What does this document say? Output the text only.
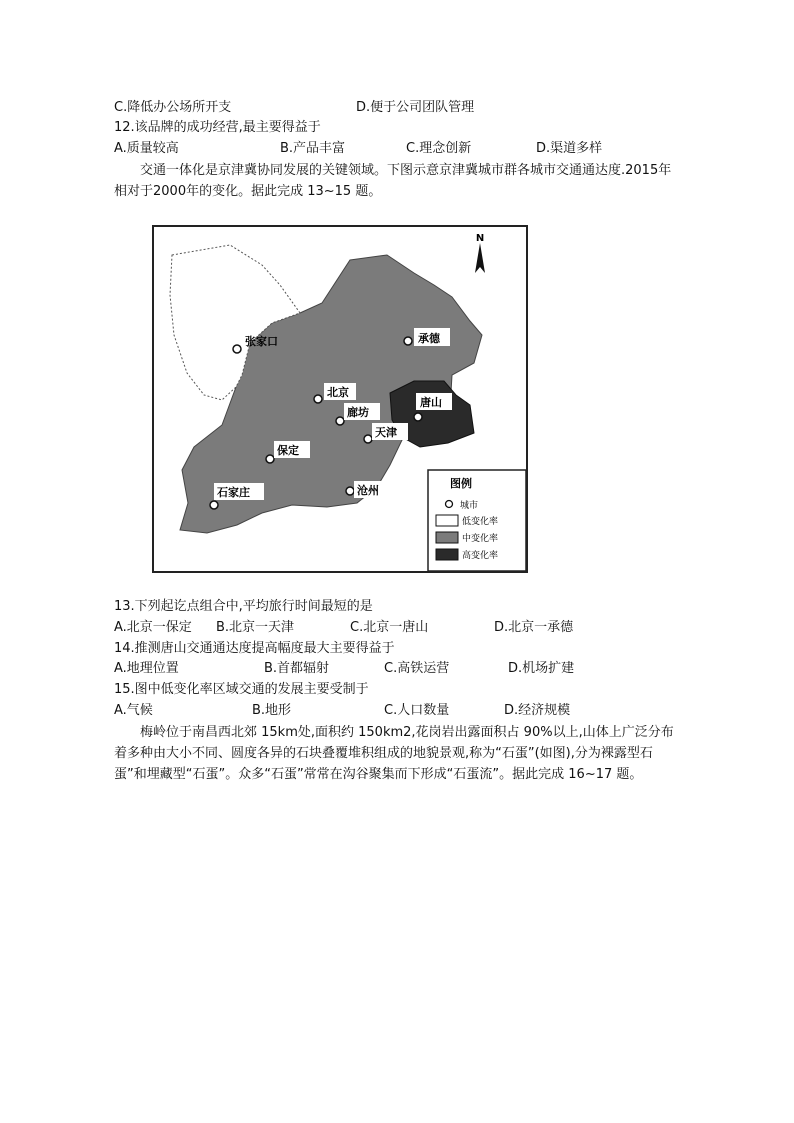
C.降低办公场所开支	D.便于公司团队管理
12.该品牌的成功经营,最主要得益于
A.质量较高	B.产品丰富	C.理念创新	D.渠道多样

交通一体化是京津冀协同发展的关键领域。下图示意京津冀城市群各城市交通通达度.2015年相对于2000年的变化。据此完成 13~15 题。

N
张家口	承德
北京
廊坊
唐山
天津
保定
沧州
石家庄
图例
城市
低变化率
中变化率
高变化率
13.下列起讫点组合中,平均旅行时间最短的是
A.北京一保定 B.北京一天津	C.北京一唐山	D.北京一承德
14.推测唐山交通通达度提高幅度最大主要得益于
A.地理位置	B.首都辐射	C.高铁运营	D.机场扩建
15.图中低变化率区域交通的发展主要受制于
A.气候	B.地形	C.人口数量	D.经济规模

梅岭位于南昌西北郊 15km处,面积约 150km2,花岗岩出露面积占 90%以上,山体上广泛分布着多种由大小不同、圆度各异的石块叠覆堆积组成的地貌景观,称为“石蛋”(如图),分为裸露型石蛋”和埋藏型“石蛋”。众多“石蛋”常常在沟谷聚集而下形成“石蛋流”。据此完成 16~17 题。
